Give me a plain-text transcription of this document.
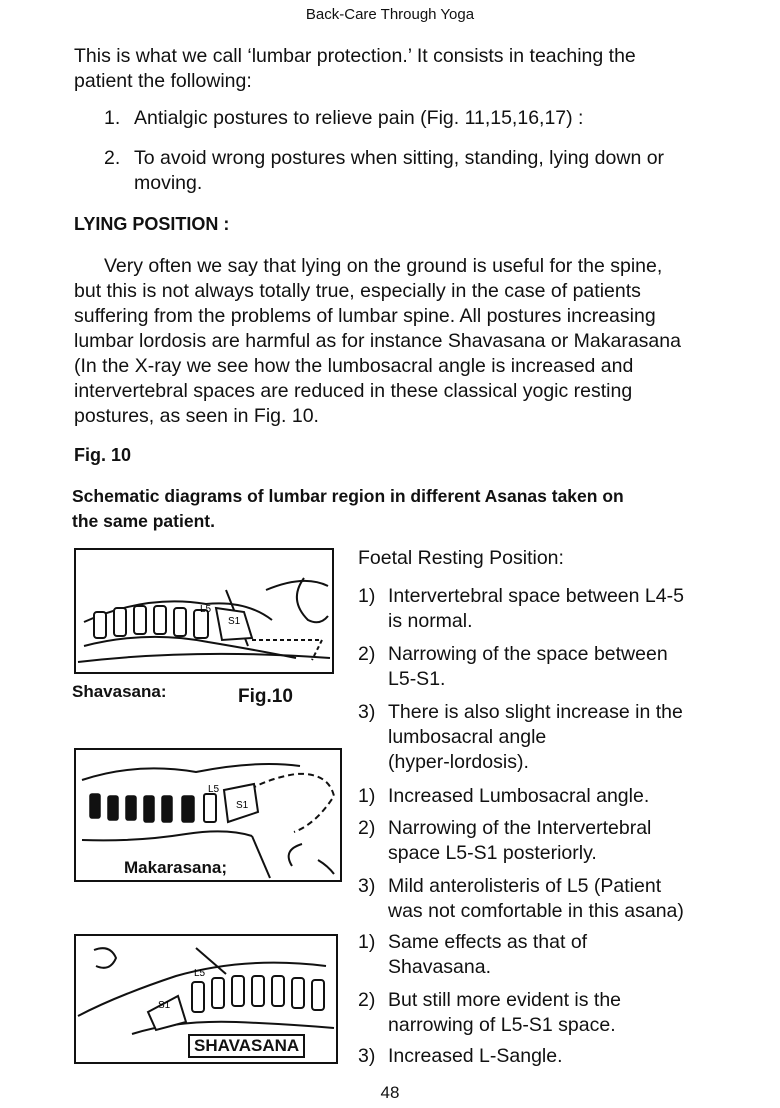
Back-Care Through Yoga
This is what we call ‘lumbar protection.’ It consists in teaching the
patient the following:
1. Antialgic postures to relieve pain (Fig. 11,15,16,17) :
2. To avoid wrong postures when sitting, standing, lying down or
moving.
LYING POSITION :
Very often we say that lying on the ground is useful for the spine,
but this is not always totally true, especially in the case of patients
suffering from the problems of lumbar spine. All postures increasing
lumbar lordosis are harmful as for instance Shavasana or Makarasana
(In the X-ray we see how the lumbosacral angle is increased and
intervertebral spaces are reduced in these classical yogic resting
postures, as seen in Fig. 10.
Fig. 10
Schematic diagrams of lumbar region in different Asanas taken on
the same patient.
L5
S1
Shavasana:	Fig.10
L5
S1
Makarasana;
L5
S1
SHAVASANA
Foetal Resting Position:
1) Intervertebral space between L4-5
is normal.
2) Narrowing of the space between
L5-S1.
3) There is also slight increase in the
lumbosacral angle
(hyper-lordosis).
1) Increased Lumbosacral angle.
2) Narrowing of the Intervertebral
space L5-S1 posteriorly.
3) Mild anterolisteris of L5 (Patient
was not comfortable in this asana)
1) Same effects as that of
Shavasana.
2) But still more evident is the
narrowing of L5-S1 space.
3) Increased L-Sangle.
48
